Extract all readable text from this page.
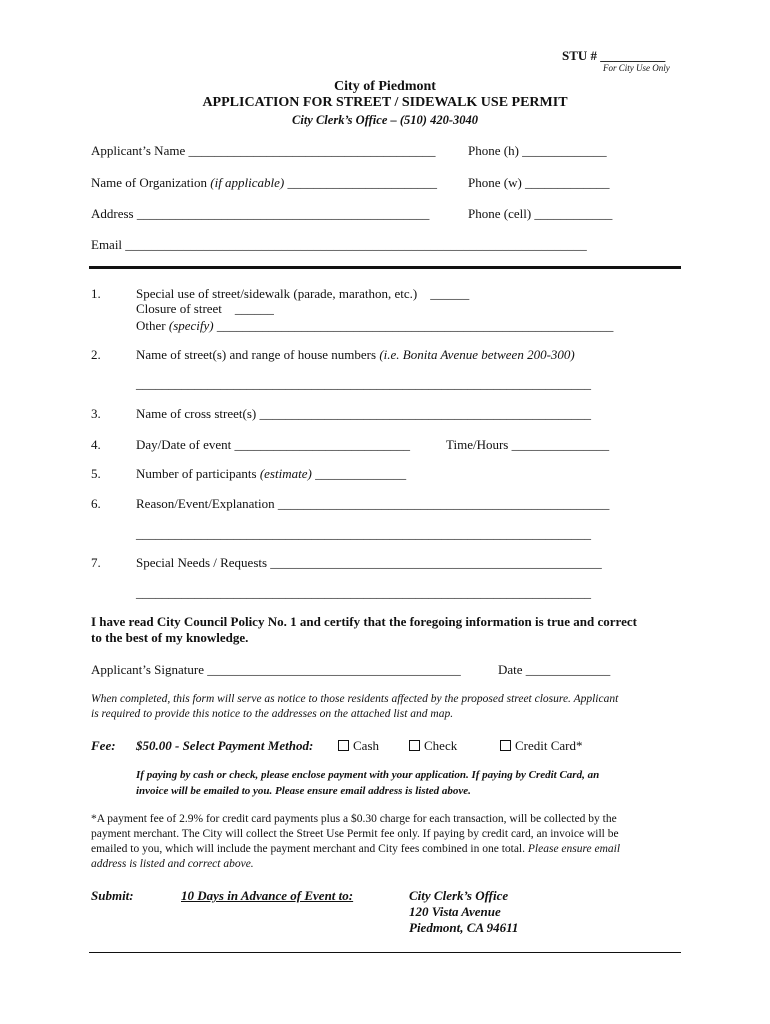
STU # __________
For City Use Only
City of Piedmont
APPLICATION FOR STREET / SIDEWALK USE PERMIT
City Clerk’s Office – (510) 420-3040
Applicant’s Name ______________________________________	Phone (h) _____________
Name of Organization (if applicable) _______________________ Phone (w) _____________
Address _____________________________________________	Phone (cell) ____________
Email _______________________________________________________________________
1.	Special use of street/sidewalk (parade, marathon, etc.) ______
Closure of street ______
Other (specify) _____________________________________________________________
2.	Name of street(s) and range of house numbers (i.e. Bonita Avenue between 200-300)
______________________________________________________________________
3.	Name of cross street(s) ___________________________________________________
4.	Day/Date of event ___________________________	Time/Hours _______________
5.	Number of participants (estimate) ______________
6.	Reason/Event/Explanation ___________________________________________________
______________________________________________________________________
7.	Special Needs / Requests ___________________________________________________
______________________________________________________________________
I have read City Council Policy No. 1 and certify that the foregoing information is true and correct
to the best of my knowledge.
Applicant’s Signature _______________________________________	Date _____________
When completed, this form will serve as notice to those residents affected by the proposed street closure. Applicant
is required to provide this notice to the addresses on the attached list and map.
Fee: $50.00 - Select Payment Method:	Cash	Check	Credit Card*
If paying by cash or check, please enclose payment with your application. If paying by Credit Card, an
invoice will be emailed to you. Please ensure email address is listed above.
*A payment fee of 2.9% for credit card payments plus a $0.30 charge for each transaction, will be collected by the
payment merchant. The City will collect the Street Use Permit fee only. If paying by credit card, an invoice will be
emailed to you, which will include the payment merchant and City fees combined in one total. Please ensure email
address is listed and correct above.
Submit:	10 Days in Advance of Event to:	City Clerk’s Office
120 Vista Avenue
Piedmont, CA 94611
